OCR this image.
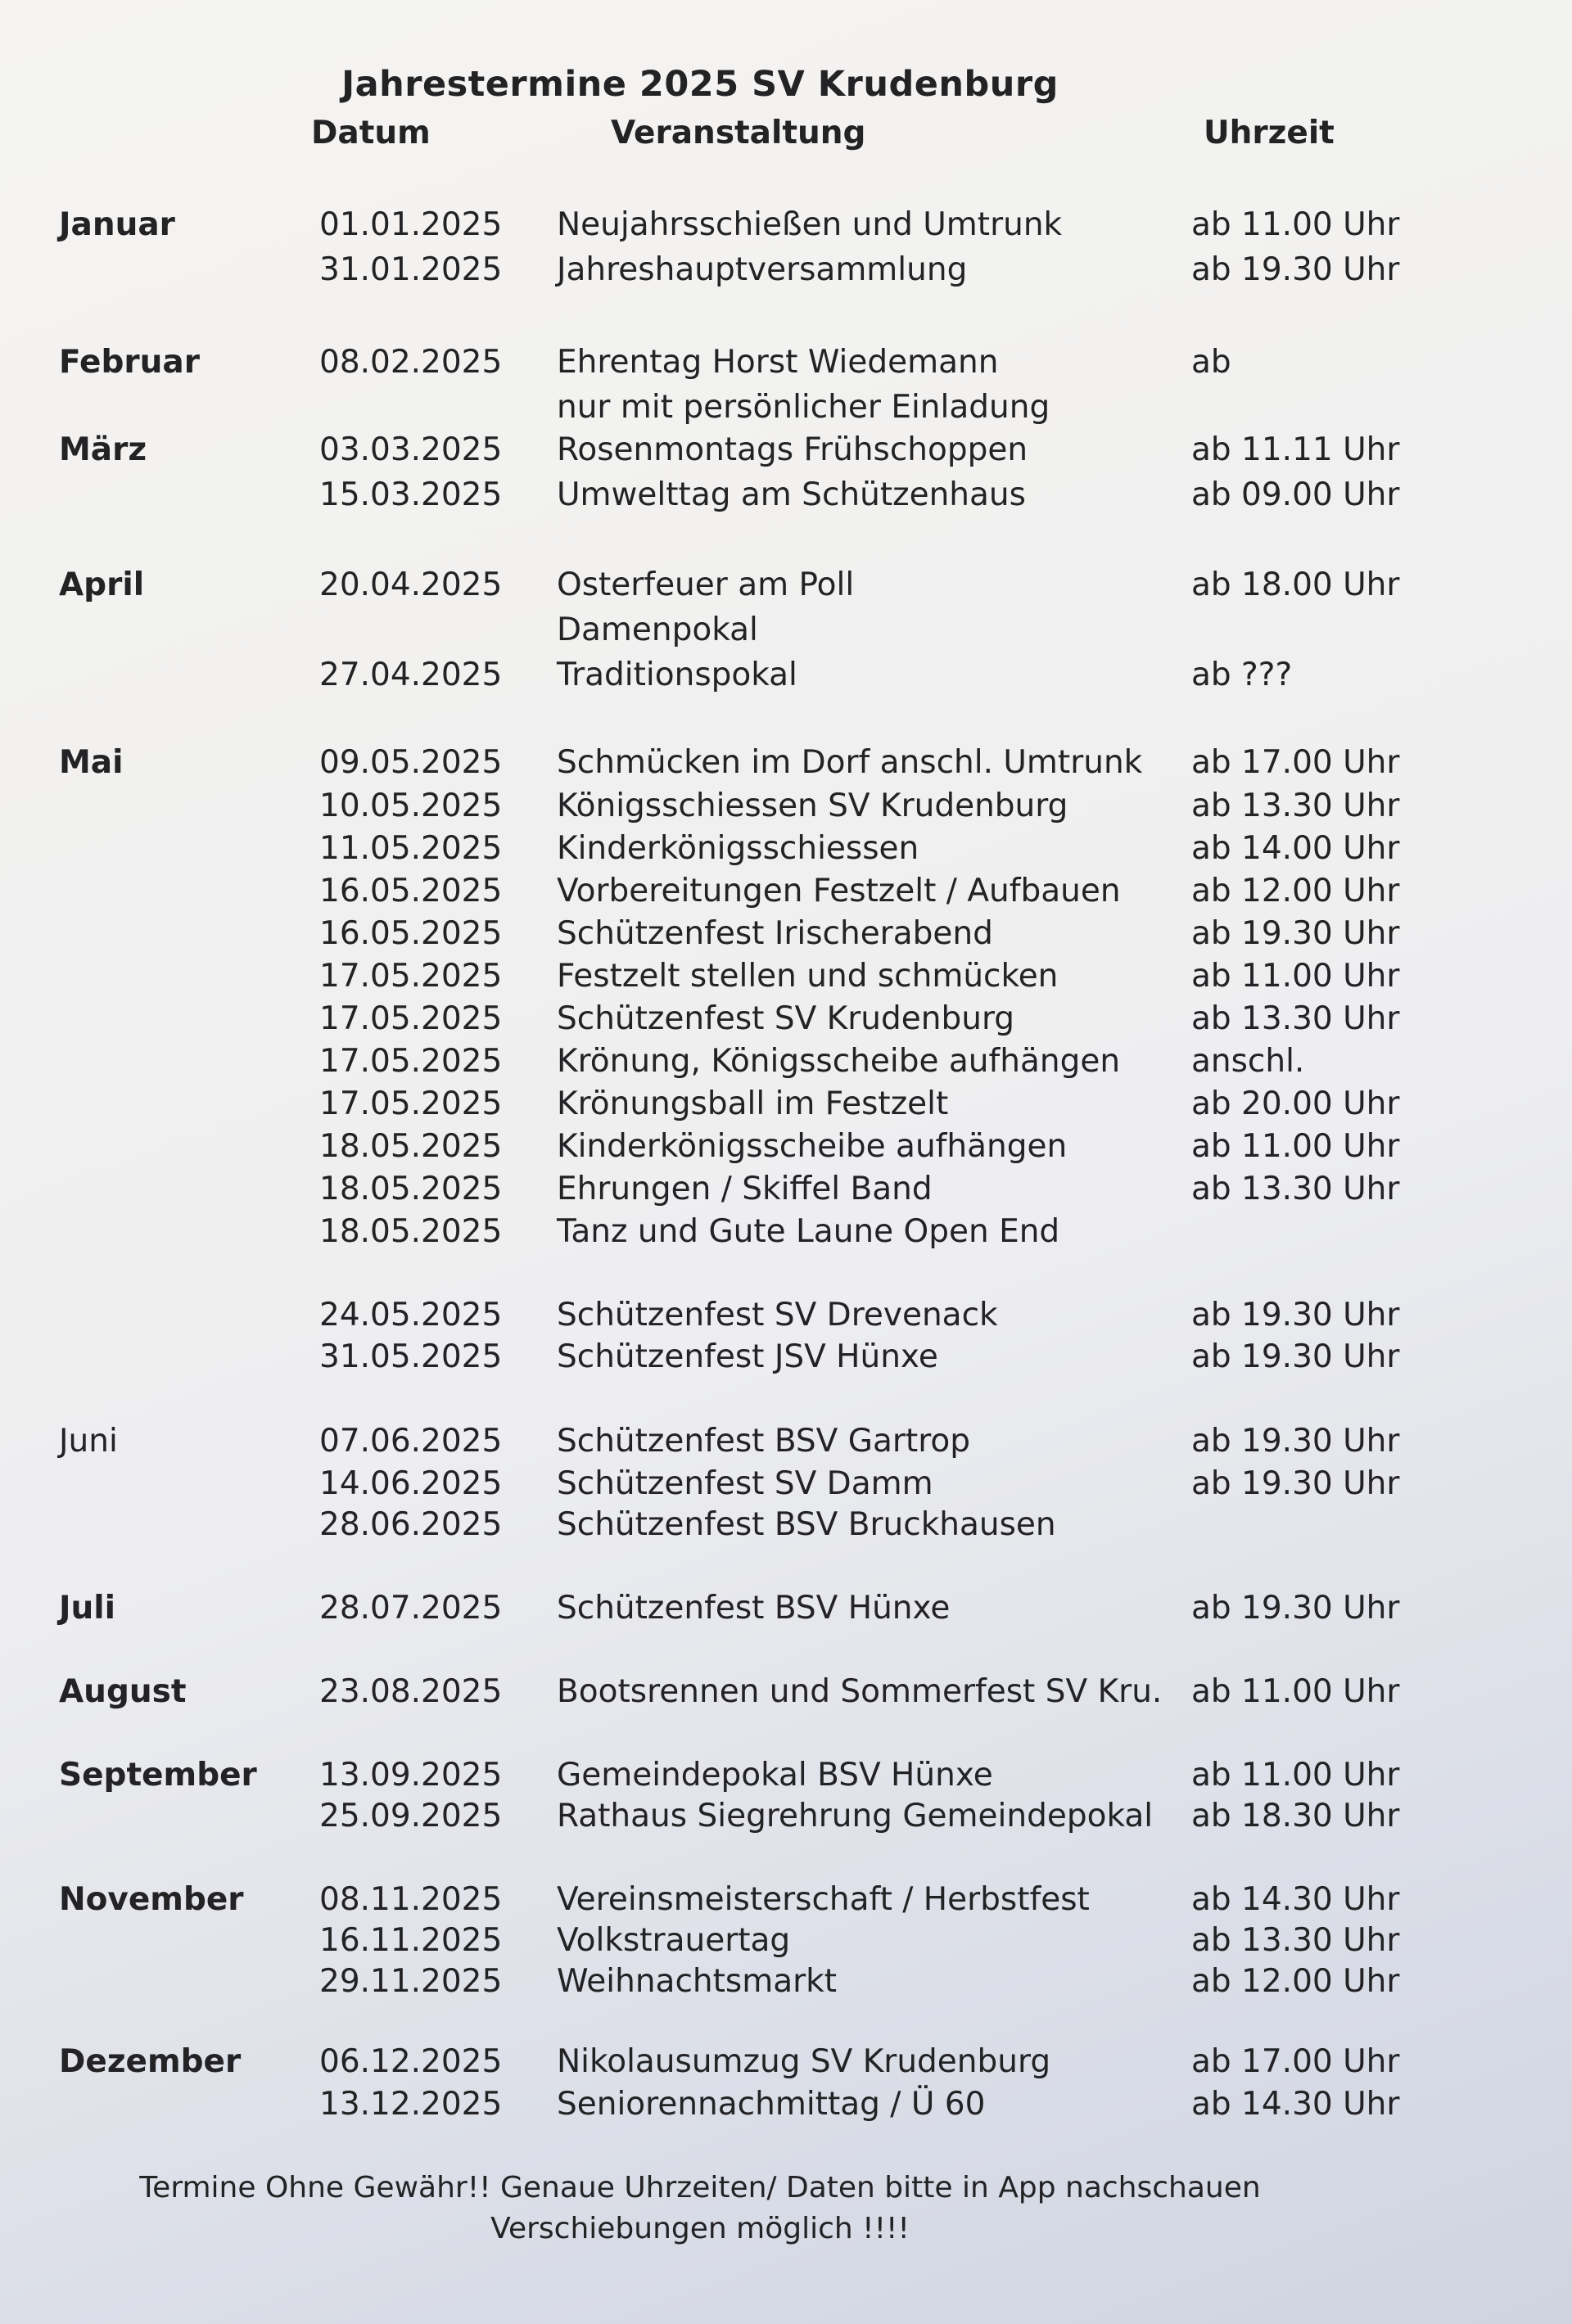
Jahrestermine 2025 SV Krudenburg
Datum	Veranstaltung	Uhrzeit
Januar	01.01.2025 Neujahrsschießen und Umtrunk	ab 11.00 Uhr
31.01.2025 Jahreshauptversammlung	ab 19.30 Uhr
Februar	08.02.2025 Ehrentag Horst Wiedemann	ab
nur mit persönlicher Einladung
März	03.03.2025 Rosenmontags Frühschoppen	ab 11.11 Uhr
15.03.2025 Umwelttag am Schützenhaus	ab 09.00 Uhr
April	20.04.2025 Osterfeuer am Poll	ab 18.00 Uhr
Damenpokal
27.04.2025 Traditionspokal	ab ???
Mai	09.05.2025 Schmücken im Dorf anschl. Umtrunk ab 17.00 Uhr
10.05.2025 Königsschiessen SV Krudenburg	ab 13.30 Uhr
11.05.2025 Kinderkönigsschiessen	ab 14.00 Uhr
16.05.2025 Vorbereitungen Festzelt / Aufbauen ab 12.00 Uhr
16.05.2025 Schützenfest Irischerabend	ab 19.30 Uhr
17.05.2025 Festzelt stellen und schmücken	ab 11.00 Uhr
17.05.2025 Schützenfest SV Krudenburg	ab 13.30 Uhr
17.05.2025 Krönung, Königsscheibe aufhängen anschl.
17.05.2025 Krönungsball im Festzelt	ab 20.00 Uhr
18.05.2025 Kinderkönigsscheibe aufhängen	ab 11.00 Uhr
18.05.2025 Ehrungen / Skiffel Band	ab 13.30 Uhr
18.05.2025 Tanz und Gute Laune Open End
24.05.2025 Schützenfest SV Drevenack	ab 19.30 Uhr
31.05.2025 Schützenfest JSV Hünxe	ab 19.30 Uhr
Juni	07.06.2025 Schützenfest BSV Gartrop	ab 19.30 Uhr
14.06.2025 Schützenfest SV Damm	ab 19.30 Uhr
28.06.2025 Schützenfest BSV Bruckhausen
Juli	28.07.2025 Schützenfest BSV Hünxe	ab 19.30 Uhr
August	23.08.2025 Bootsrennen und Sommerfest SV Kru. ab 11.00 Uhr
September 13.09.2025 Gemeindepokal BSV Hünxe	ab 11.00 Uhr
25.09.2025 Rathaus Siegrehrung Gemeindepokal ab 18.30 Uhr
November 08.11.2025 Vereinsmeisterschaft / Herbstfest	ab 14.30 Uhr
16.11.2025 Volkstrauertag	ab 13.30 Uhr
29.11.2025 Weihnachtsmarkt	ab 12.00 Uhr
Dezember 06.12.2025 Nikolausumzug SV Krudenburg	ab 17.00 Uhr
13.12.2025 Seniorennachmittag / Ü 60	ab 14.30 Uhr
Termine Ohne Gewähr!! Genaue Uhrzeiten/ Daten bitte in App nachschauen
Verschiebungen möglich !!!!
